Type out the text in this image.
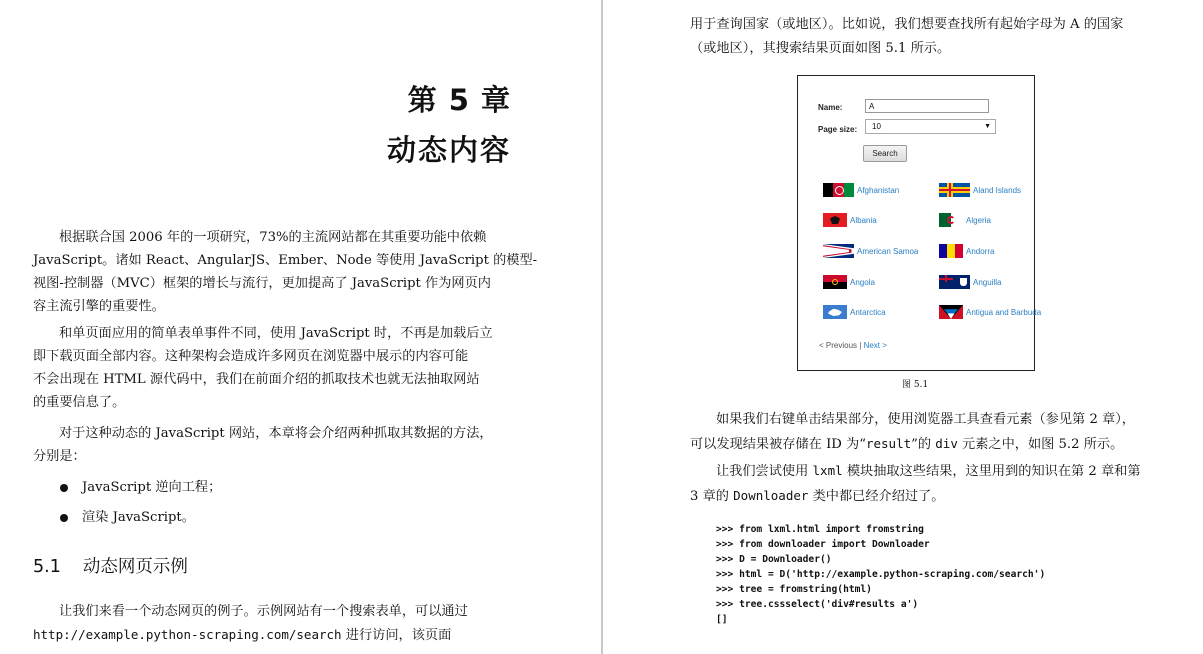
第 5 章
动态内容

根据联合国 2006 年的一项研究，73%的主流网站都在其重要功能中依赖
JavaScript。诸如 React、AngularJS、Ember、Node 等使用 JavaScript 的模型-
视图-控制器（MVC）框架的增长与流行，更加提高了 JavaScript 作为网页内
容主流引擎的重要性。

和单页面应用的简单表单事件不同，使用 JavaScript 时，不再是加载后立
即下载页面全部内容。这种架构会造成许多网页在浏览器中展示的内容可能
不会出现在 HTML 源代码中，我们在前面介绍的抓取技术也就无法抽取网站
的重要信息了。

对于这种动态的 JavaScript 网站，本章将会介绍两种抓取其数据的方法，
分别是：

JavaScript 逆向工程；
渲染 JavaScript。
5.1 动态网页示例

让我们来看一个动态网页的例子。示例网站有一个搜索表单，可以通过
http://example.python-scraping.com/search 进行访问，该页面

用于查询国家（或地区）。比如说，我们想要查找所有起始字母为 A 的国家
（或地区），其搜索结果页面如图 5.1 所示。

Name:	A
Page size:	10	▼
Search
Afghanistan	Aland Islands
Albania	Algeria
American Samoa	Andorra
Angola	Anguilla
Antarctica	Antigua and Barbuda
< Previous | Next >
图 5.1

如果我们右键单击结果部分，使用浏览器工具查看元素（参见第 2 章），
可以发现结果被存储在 ID 为“result”的 div 元素之中，如图 5.2 所示。

让我们尝试使用 lxml 模块抽取这些结果，这里用到的知识在第 2 章和第
3 章的 Downloader 类中都已经介绍过了。

>>> from lxml.html import fromstring
>>> from downloader import Downloader
>>> D = Downloader()
>>> html = D('http://example.python-scraping.com/search')
>>> tree = fromstring(html)
>>> tree.cssselect('div#results a')
[]
